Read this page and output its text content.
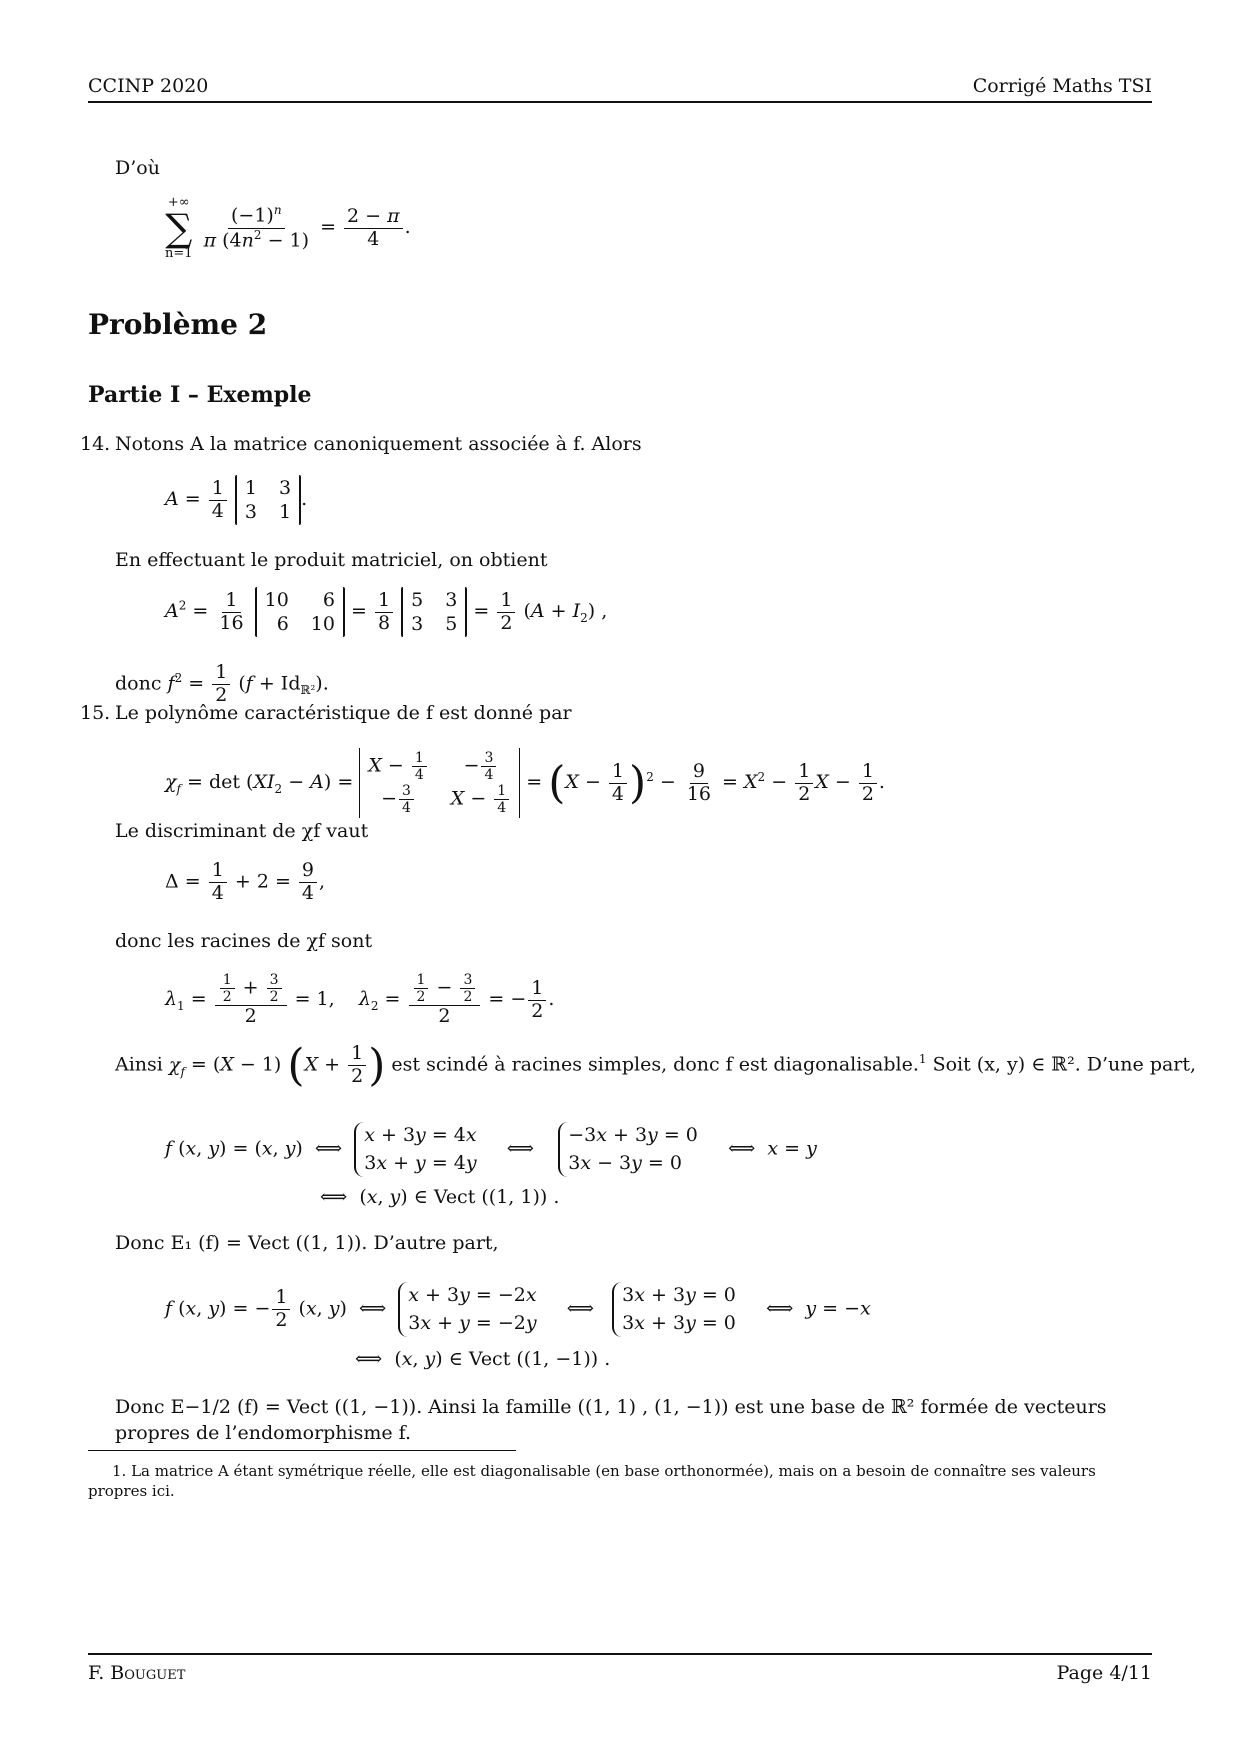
CCINP 2020	Corrigé Maths TSI
D’où
+∞
∑
n=1

$\frac{(-1)^n}{\pi (4n^2 - 1)} = \frac{2 - \pi}{4}$ .
Problème 2
Partie I – Exemple
14. Notons A la matrice canoniquement associée à f. Alors
$A = \frac{1}{4}$
1 3
3 1
.
En effectuant le produit matriciel, on obtient
$A^2 = \frac{1}{16}$
10	6
6 10
= $\frac{1}{8}$
5 3
3 5
= $\frac{1}{2} (A + I_2)$ ,
donc $f^2 = \frac{1}{2} (f + Id_{ℝ^2})$.
15. Le polynôme caractéristique de f est donné par
$\chi_f = \det (XI_2 - A)$ =
$X - \frac{1}{4}$	− $\frac{3}{4}$
− $\frac{3}{4}$ $X - \frac{1}{4}$
= $(X - \frac{1}{4} )^2 - \frac{9}{16} = X^2 - \frac{1}{2}$ $X - \frac{1}{2}$ .
Le discriminant de χf vaut
$\Delta = \frac{1}{4} + 2 = \frac{9}{4}$ ,
donc les racines de χf sont
$\lambda_1 = \frac{\frac{1}{2} + \frac{3}{2}}{2} = 1$,    $\lambda_2 = \frac{\frac{1}{2} - \frac{3}{2}}{2}$ = − $\frac{1}{2}$ .
Ainsi $\chi_f = (X - 1) (X + \frac{1}{2}$ ) est scindé à racines simples, donc f est diagonalisable.$^1$ Soit (x, y) ∈ ℝ². D’une part,
f (x, y) = (x, y)  ⟺
x + 3y = 4x
3x + y = 4y
⟺
−3x + 3y = 0
3x − 3y = 0
⟺  x = y
⟺  (x, y) ∈ Vect ((1, 1)) .
Donc E₁ (f) = Vect ((1, 1)). D’autre part,
f (x, y) = − $\frac{1}{2} (x$, y)  ⟺
x + 3y = −2x
3x + y = −2y
⟺
3x + 3y = 0
3x + 3y = 0
⟺  y = −x
⟺  (x, y) ∈ Vect ((1, −1)) .
Donc E−1/2 (f) = Vect ((1, −1)). Ainsi la famille ((1, 1) , (1, −1)) est une base de ℝ² formée de vecteurs propres de l’endomorphisme f.
1. La matrice A étant symétrique réelle, elle est diagonalisable (en base orthonormée), mais on a besoin de connaître ses valeurs propres ici.
F. Bouguet	Page 4/11
